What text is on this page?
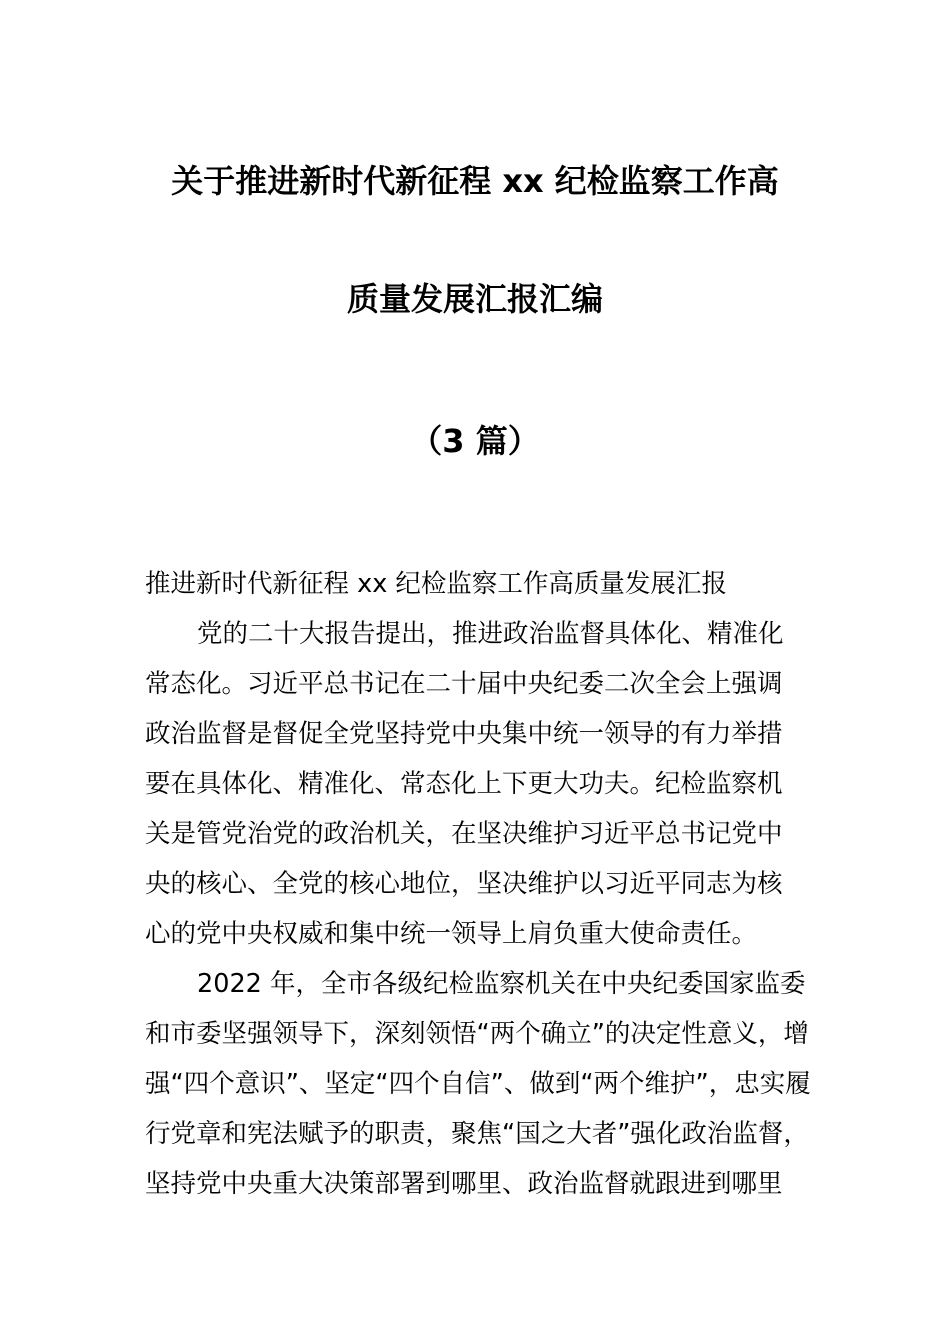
关于推进新时代新征程 xx 纪检监察工作高
质量发展汇报汇编
（3 篇）
推进新时代新征程 xx 纪检监察工作高质量发展汇报
党的二十大报告提出，推进政治监督具体化、精准化
常态化。习近平总书记在二十届中央纪委二次全会上强调
政治监督是督促全党坚持党中央集中统一领导的有力举措
要在具体化、精准化、常态化上下更大功夫。纪检监察机
关是管党治党的政治机关，在坚决维护习近平总书记党中
央的核心、全党的核心地位，坚决维护以习近平同志为核
心的党中央权威和集中统一领导上肩负重大使命责任。
2022 年，全市各级纪检监察机关在中央纪委国家监委
和市委坚强领导下，深刻领悟“两个确立”的决定性意义，增
强“四个意识”、坚定“四个自信”、做到“两个维护”，忠实履
行党章和宪法赋予的职责，聚焦“国之大者”强化政治监督，
坚持党中央重大决策部署到哪里、政治监督就跟进到哪里
